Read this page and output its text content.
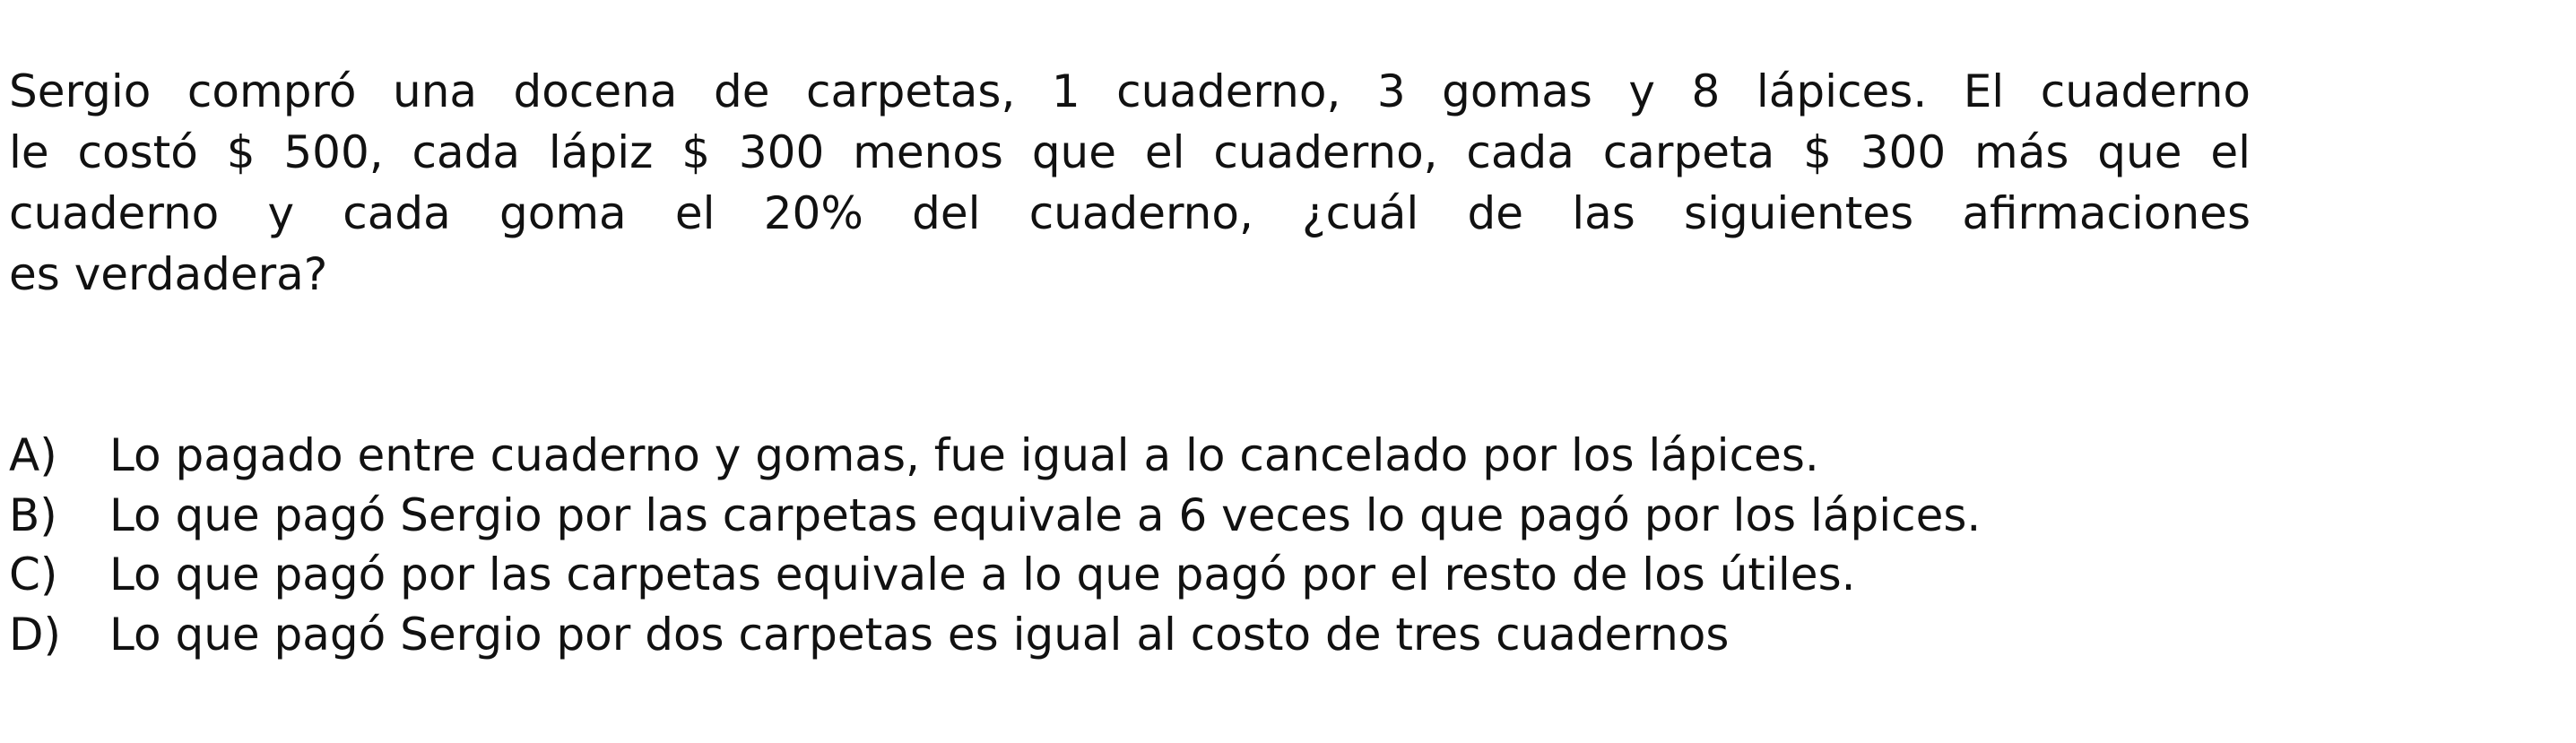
Sergio compró una docena de carpetas, 1 cuaderno, 3 gomas y 8 lápices. El cuaderno
le costó $ 500, cada lápiz $ 300 menos que el cuaderno, cada carpeta $ 300 más que el
cuaderno y cada goma el 20% del cuaderno, ¿cuál de las siguientes afirmaciones
es verdadera?
A)	Lo pagado entre cuaderno y gomas, fue igual a lo cancelado por los lápices.
B)	Lo que pagó Sergio por las carpetas equivale a 6 veces lo que pagó por los lápices.
C)	Lo que pagó por las carpetas equivale a lo que pagó por el resto de los útiles.
D)	Lo que pagó Sergio por dos carpetas es igual al costo de tres cuadernos
